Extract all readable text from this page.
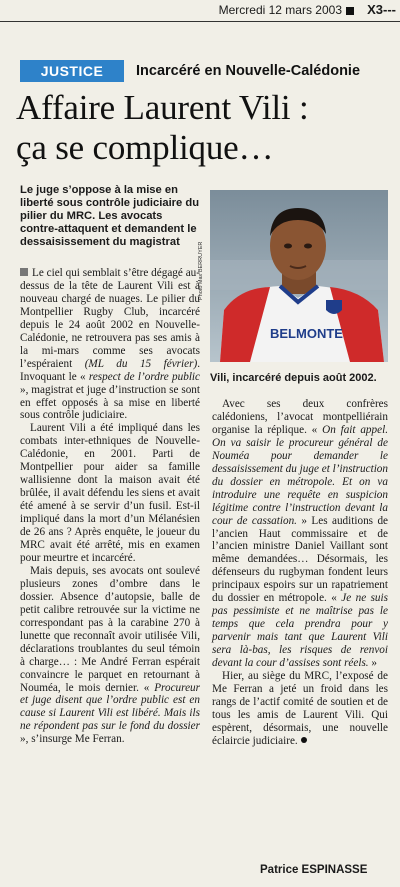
Mercredi 12 mars 2003 X3---
JUSTICE	Incarcéré en Nouvelle-Calédonie
Affaire Laurent Vili :
ça se complique…
Le juge s’oppose à la mise en liberté sous contrôle judiciaire du pilier du MRC. Les avocats contre-attaquent et demandent le dessaisissement du magistrat
BELMONTE
Photo Max BERRUYER
Vili, incarcéré depuis août 2002.

Le ciel qui semblait s’être dégagé au-dessus de la tête de Laurent Vili est à nouveau chargé de nuages. Le pilier du Montpellier Rugby Club, incarcéré depuis le 24 août 2002 en Nouvelle-Calédonie, ne retrouvera pas ses amis à la mi-mars comme ses avocats l’espéraient (ML du 15 février). Invoquant le « respect de l’ordre public », magistrat et juge d’instruction se sont en effet opposés à sa mise en liberté sous contrôle judiciaire.

Laurent Vili a été impliqué dans les combats inter-ethniques de Nouvelle-Calédonie, en 2001. Parti de Montpellier pour aider sa famille wallisienne dont la maison avait été brûlée, il avait défendu les siens et avait été amené à se servir d’un fusil. Est-il impliqué dans la mort d’un Mélanésien de 26 ans ? Après enquête, le joueur du MRC avait été arrêté, mis en examen pour meurtre et incarcéré.

Mais depuis, ses avocats ont soulevé plusieurs zones d’ombre dans le dossier. Absence d’autopsie, balle de petit calibre retrouvée sur la victime ne correspondant pas à la carabine 270 à lunette que reconnaît avoir utilisée Vili, déclarations troublantes du seul témoin à charge… : Me André Ferran espérait convaincre le parquet en retournant à Nouméa, le mois dernier. « Procureur et juge disent que l’ordre public est en cause si Laurent Vili est libéré. Mais ils ne répondent pas sur le fond du dossier », s’insurge Me Ferran.

Avec ses deux confrères calédoniens, l’avocat montpelliérain organise la réplique. « On fait appel. On va saisir le procureur général de Nouméa pour demander le dessaisissement du juge et l’instruction du dossier en métropole. Et on va introduire une requête en suspicion légitime contre l’instruction devant la cour de cassation. » Les auditions de l’ancien Haut commissaire et de l’ancien ministre Daniel Vaillant sont même demandées… Désormais, les défenseurs du rugbyman fondent leurs principaux espoirs sur un rapatriement du dossier en métropole. « Je ne suis pas pessimiste et ne maîtrise pas le temps que cela prendra pour y parvenir mais tant que Laurent Vili sera là-bas, les risques de renvoi devant la cour d’assises sont réels. »

Hier, au siège du MRC, l’exposé de Me Ferran a jeté un froid dans les rangs de l’actif comité de soutien et de tous les amis de Laurent Vili. Qui espèrent, désormais, une nouvelle éclaircie judiciaire.

Patrice ESPINASSE
